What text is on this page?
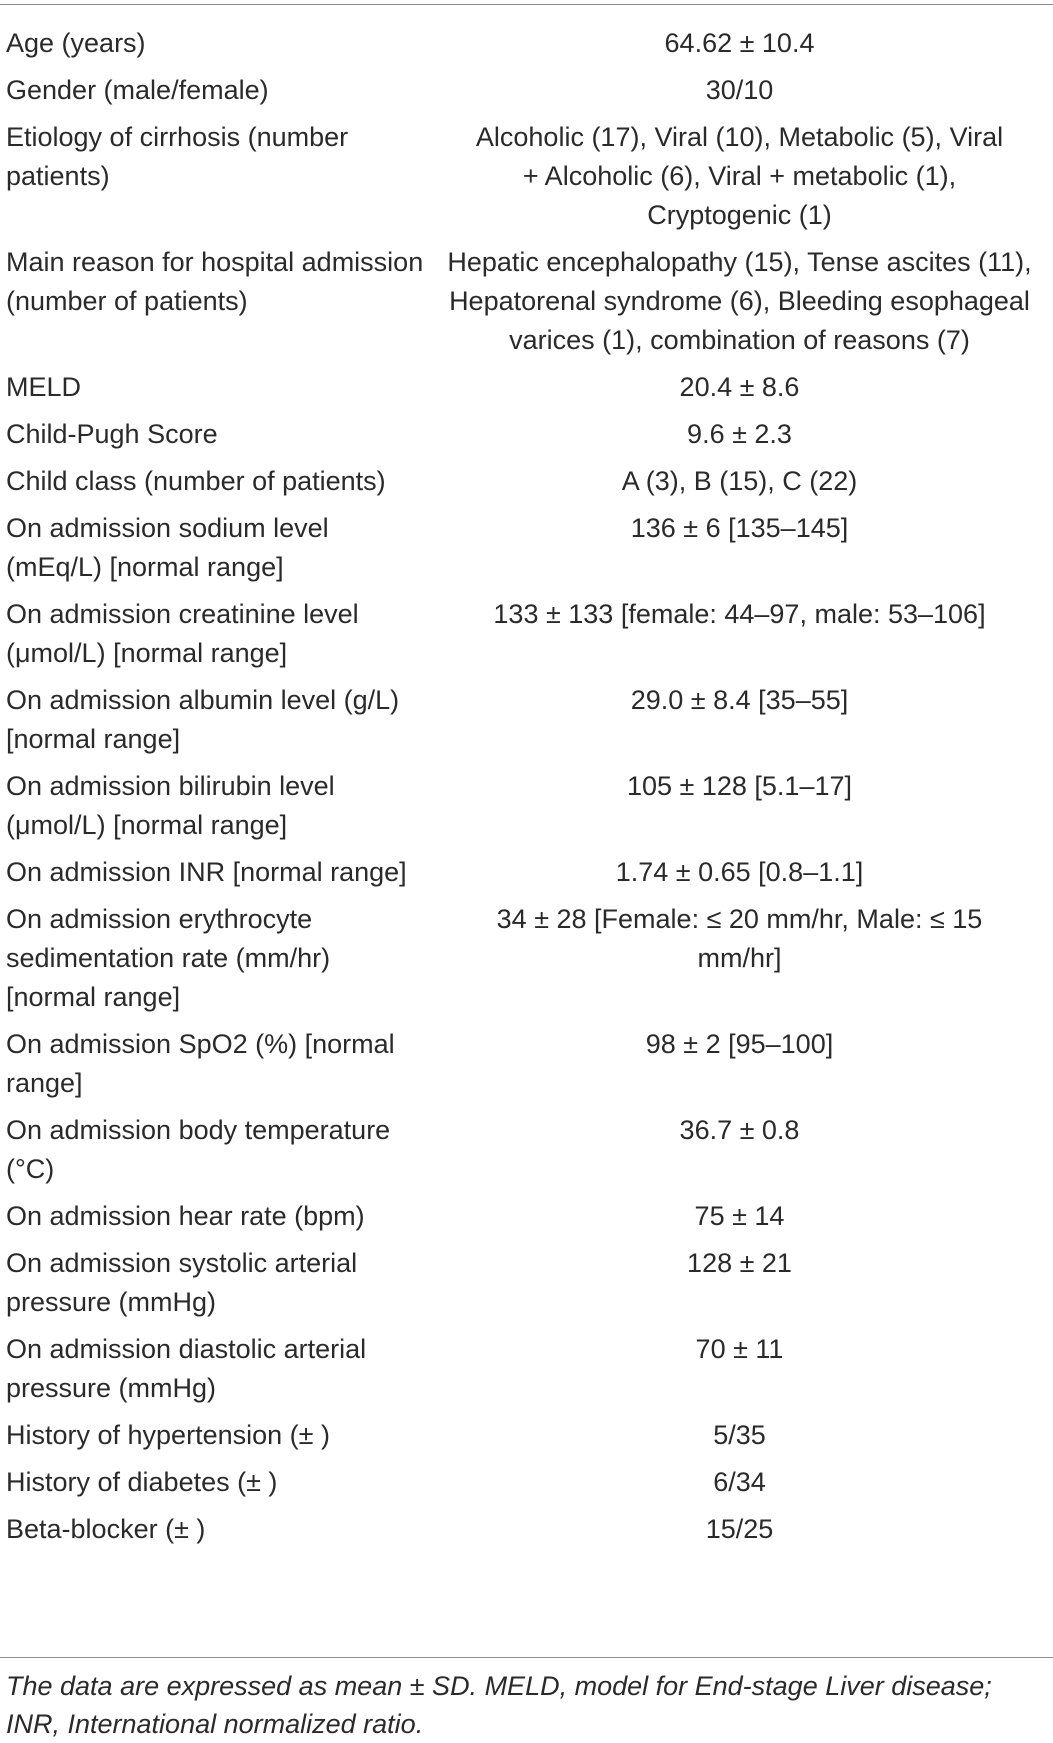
Age (years)	64.62 ± 10.4
Gender (male/female)	30/10
Etiology of cirrhosis (number patients)	Alcoholic (17), Viral (10), Metabolic (5), Viral + Alcoholic (6), Viral + metabolic (1), Cryptogenic (1)
Main reason for hospital admission (number of patients)	Hepatic encephalopathy (15), Tense ascites (11), Hepatorenal syndrome (6), Bleeding esophageal varices (1), combination of reasons (7)
MELD	20.4 ± 8.6
Child-Pugh Score	9.6 ± 2.3
Child class (number of patients)	A (3), B (15), C (22)
On admission sodium level (mEq/L) [normal range]	136 ± 6 [135–145]
On admission creatinine level (μmol/L) [normal range]	133 ± 133 [female: 44–97, male: 53–106]
On admission albumin level (g/L) [normal range]	29.0 ± 8.4 [35–55]
On admission bilirubin level (μmol/L) [normal range]	105 ± 128 [5.1–17]
On admission INR [normal range]	1.74 ± 0.65 [0.8–1.1]
On admission erythrocyte sedimentation rate (mm/hr) [normal range]	34 ± 28 [Female: ≤ 20 mm/hr, Male: ≤ 15 mm/hr]
On admission SpO2 (%) [normal range]	98 ± 2 [95–100]
On admission body temperature (°C)	36.7 ± 0.8
On admission hear rate (bpm)	75 ± 14
On admission systolic arterial pressure (mmHg)	128 ± 21
On admission diastolic arterial pressure (mmHg)	70 ± 11
History of hypertension (± )	5/35
History of diabetes (± )	6/34
Beta-blocker (± )	15/25
The data are expressed as mean ± SD. MELD, model for End-stage Liver disease; INR, International normalized ratio.
